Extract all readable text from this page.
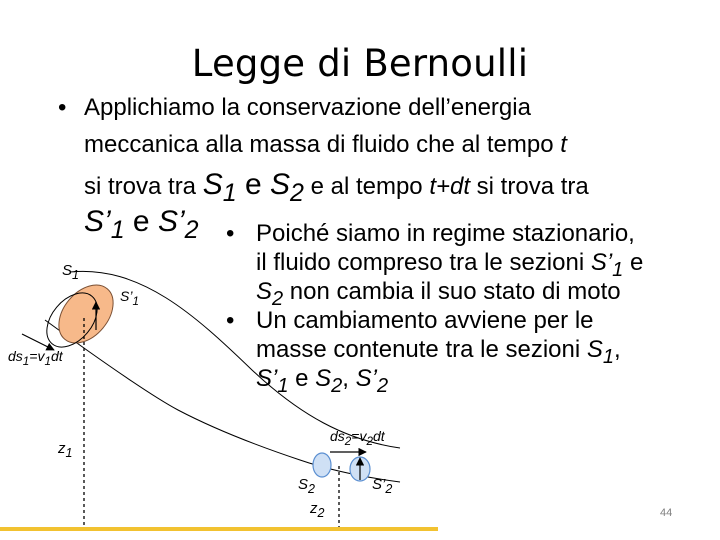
Legge di Bernoulli
• Applichiamo la conservazione dell’energia
meccanica alla massa di fluido che al tempo t
si trova tra $S_1$ e $S_2$ e al tempo t+dt si trova tra
$S’_1$ e $S’_2$	• Poiché siamo in regime stazionario,
il fluido compreso tra le sezioni $S’_1$ e
$S_2$ non cambia il suo stato di moto
• Un cambiamento avviene per le
masse contenute tra le sezioni $S_1$,
$S’_1$ e $S_2$, $S’_2$
$S_1$
$S’_1$
$ds_1=v_1dt$
$z_1$
$ds_2=v_2dt$
$S_2$
$z_2$
$S’_2$
44
